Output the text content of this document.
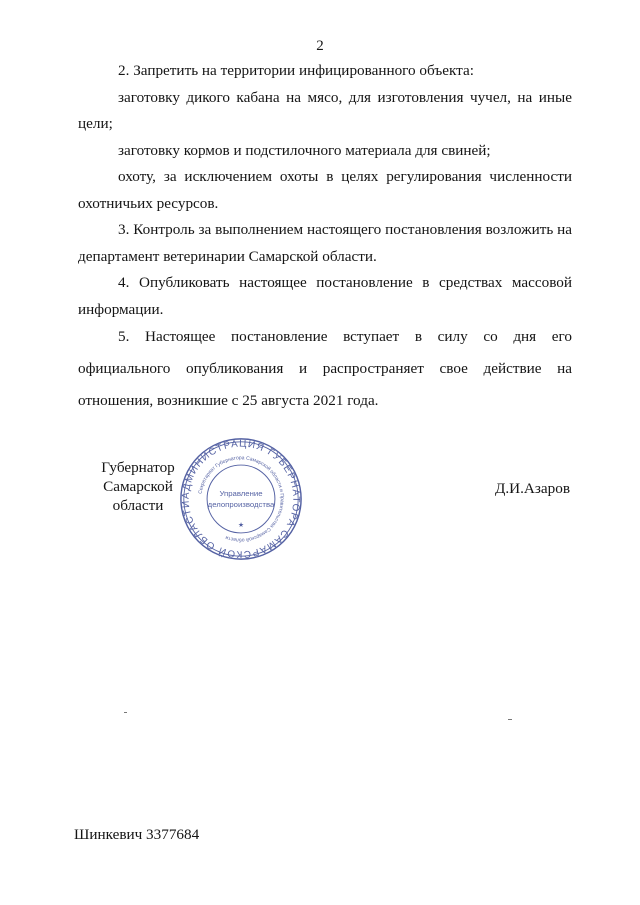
2

2. Запретить на территории инфицированного объекта:

заготовку дикого кабана на мясо, для изготовления чучел, на иные цели;

заготовку кормов и подстилочного материала для свиней;

охоту, за исключением охоты в целях регулирования численности охотничьих ресурсов.

3. Контроль за выполнением настоящего постановления возложить на департамент ветеринарии Самарской области.

4. Опубликовать настоящее постановление в средствах массовой информации.

5. Настоящее постановление вступает в силу со дня его официального опубликования и распространяет свое действие на отношения, возникшие с 25 августа 2021 года.

Губернатор
Самарской области
АДМИНИСТРАЦИЯ ГУБЕРНАТОРА САМАРСКОЙ ОБЛАСТИ
Секретариат Губернатора Самарской области и Правительства Самарской области
Управление
делопроизводства
★
Д.И.Азаров
Шинкевич 3377684
